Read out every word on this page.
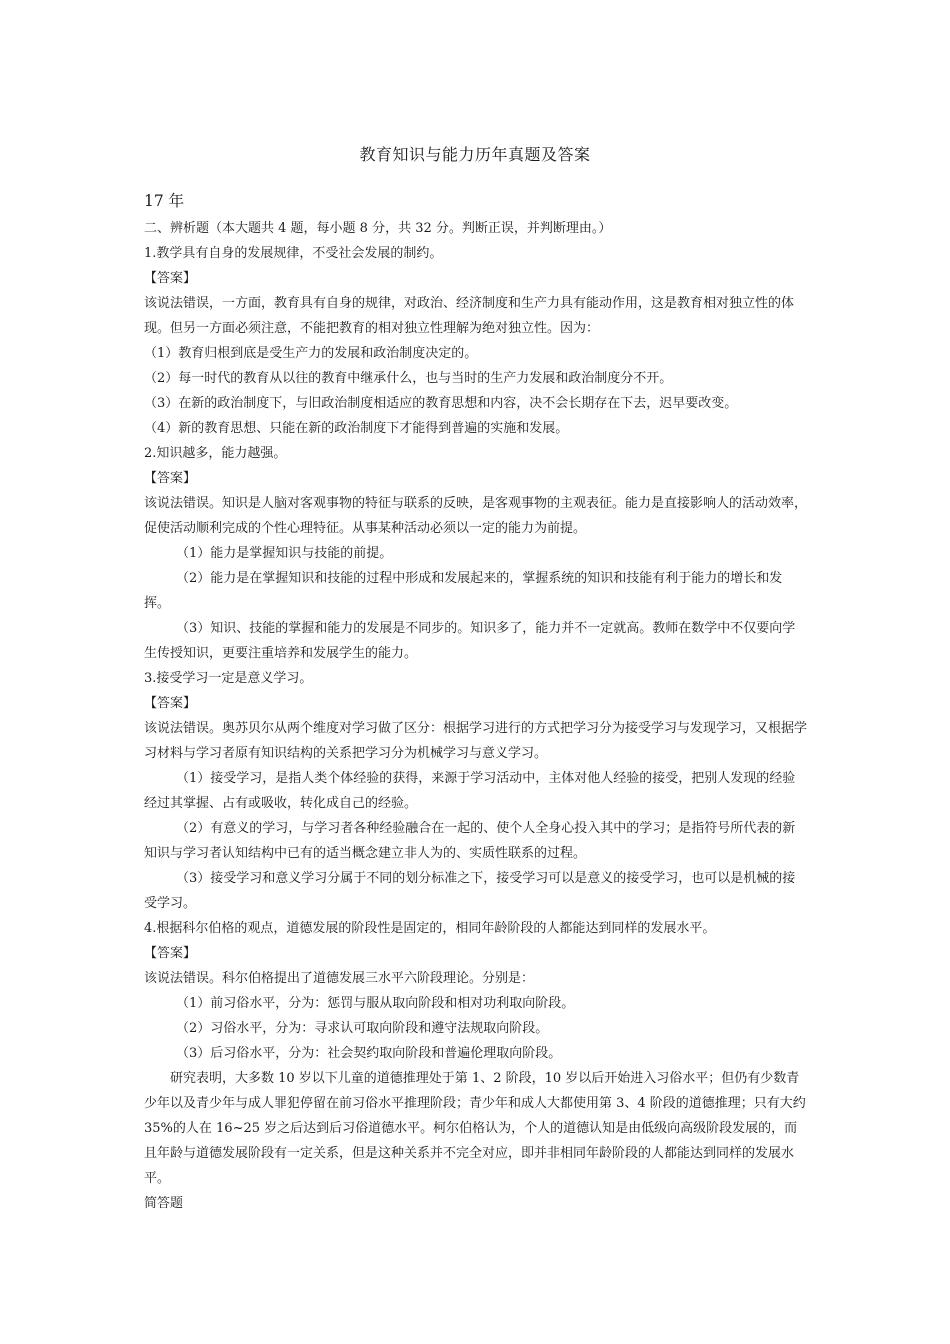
教育知识与能力历年真题及答案

17 年

二、辨析题（本大题共 4 题，每小题 8 分，共 32 分。判断正误，并判断理由。）

1.教学具有自身的发展规律，不受社会发展的制约。

【答案】

该说法错误，一方面，教育具有自身的规律，对政治、经济制度和生产力具有能动作用，这是教育相对独立性的体现。但另一方面必须注意，不能把教育的相对独立性理解为绝对独立性。因为：

（1）教育归根到底是受生产力的发展和政治制度决定的。

（2）每一时代的教育从以往的教育中继承什么，也与当时的生产力发展和政治制度分不开。

（3）在新的政治制度下，与旧政治制度相适应的教育思想和内容，决不会长期存在下去，迟早要改变。

（4）新的教育思想、只能在新的政治制度下才能得到普遍的实施和发展。

2.知识越多，能力越强。

【答案】

该说法错误。知识是人脑对客观事物的特征与联系的反映，是客观事物的主观表征。能力是直接影响人的活动效率，促使活动顺利完成的个性心理特征。从事某种活动必须以一定的能力为前提。

（1）能力是掌握知识与技能的前提。

（2）能力是在掌握知识和技能的过程中形成和发展起来的，掌握系统的知识和技能有利于能力的增长和发挥。

（3）知识、技能的掌握和能力的发展是不同步的。知识多了，能力并不一定就高。教师在数学中不仅要向学生传授知识，更要注重培养和发展学生的能力。

3.接受学习一定是意义学习。

【答案】

该说法错误。奥苏贝尔从两个维度对学习做了区分：根据学习进行的方式把学习分为接受学习与发现学习，又根据学习材料与学习者原有知识结构的关系把学习分为机械学习与意义学习。

（1）接受学习，是指人类个体经验的获得，来源于学习活动中，主体对他人经验的接受，把别人发现的经验经过其掌握、占有或吸收，转化成自己的经验。

（2）有意义的学习，与学习者各种经验融合在一起的、使个人全身心投入其中的学习；是指符号所代表的新知识与学习者认知结构中已有的适当概念建立非人为的、实质性联系的过程。

（3）接受学习和意义学习分属于不同的划分标准之下，接受学习可以是意义的接受学习，也可以是机械的接受学习。

4.根据科尔伯格的观点，道德发展的阶段性是固定的，相同年龄阶段的人都能达到同样的发展水平。

【答案】

该说法错误。科尔伯格提出了道德发展三水平六阶段理论。分别是：

（1）前习俗水平，分为：惩罚与服从取向阶段和相对功利取向阶段。

（2）习俗水平，分为：寻求认可取向阶段和遵守法规取向阶段。

（3）后习俗水平，分为：社会契约取向阶段和普遍伦理取向阶段。

研究表明，大多数 10 岁以下儿童的道德推理处于第 1、2 阶段，10 岁以后开始进入习俗水平；但仍有少数青少年以及青少年与成人罪犯停留在前习俗水平推理阶段；青少年和成人大都使用第 3、4 阶段的道德推理；只有大约 35%的人在 16~25 岁之后达到后习俗道德水平。柯尔伯格认为，个人的道德认知是由低级向高级阶段发展的，而且年龄与道德发展阶段有一定关系，但是这种关系并不完全对应，即并非相同年龄阶段的人都能达到同样的发展水平。

简答题
